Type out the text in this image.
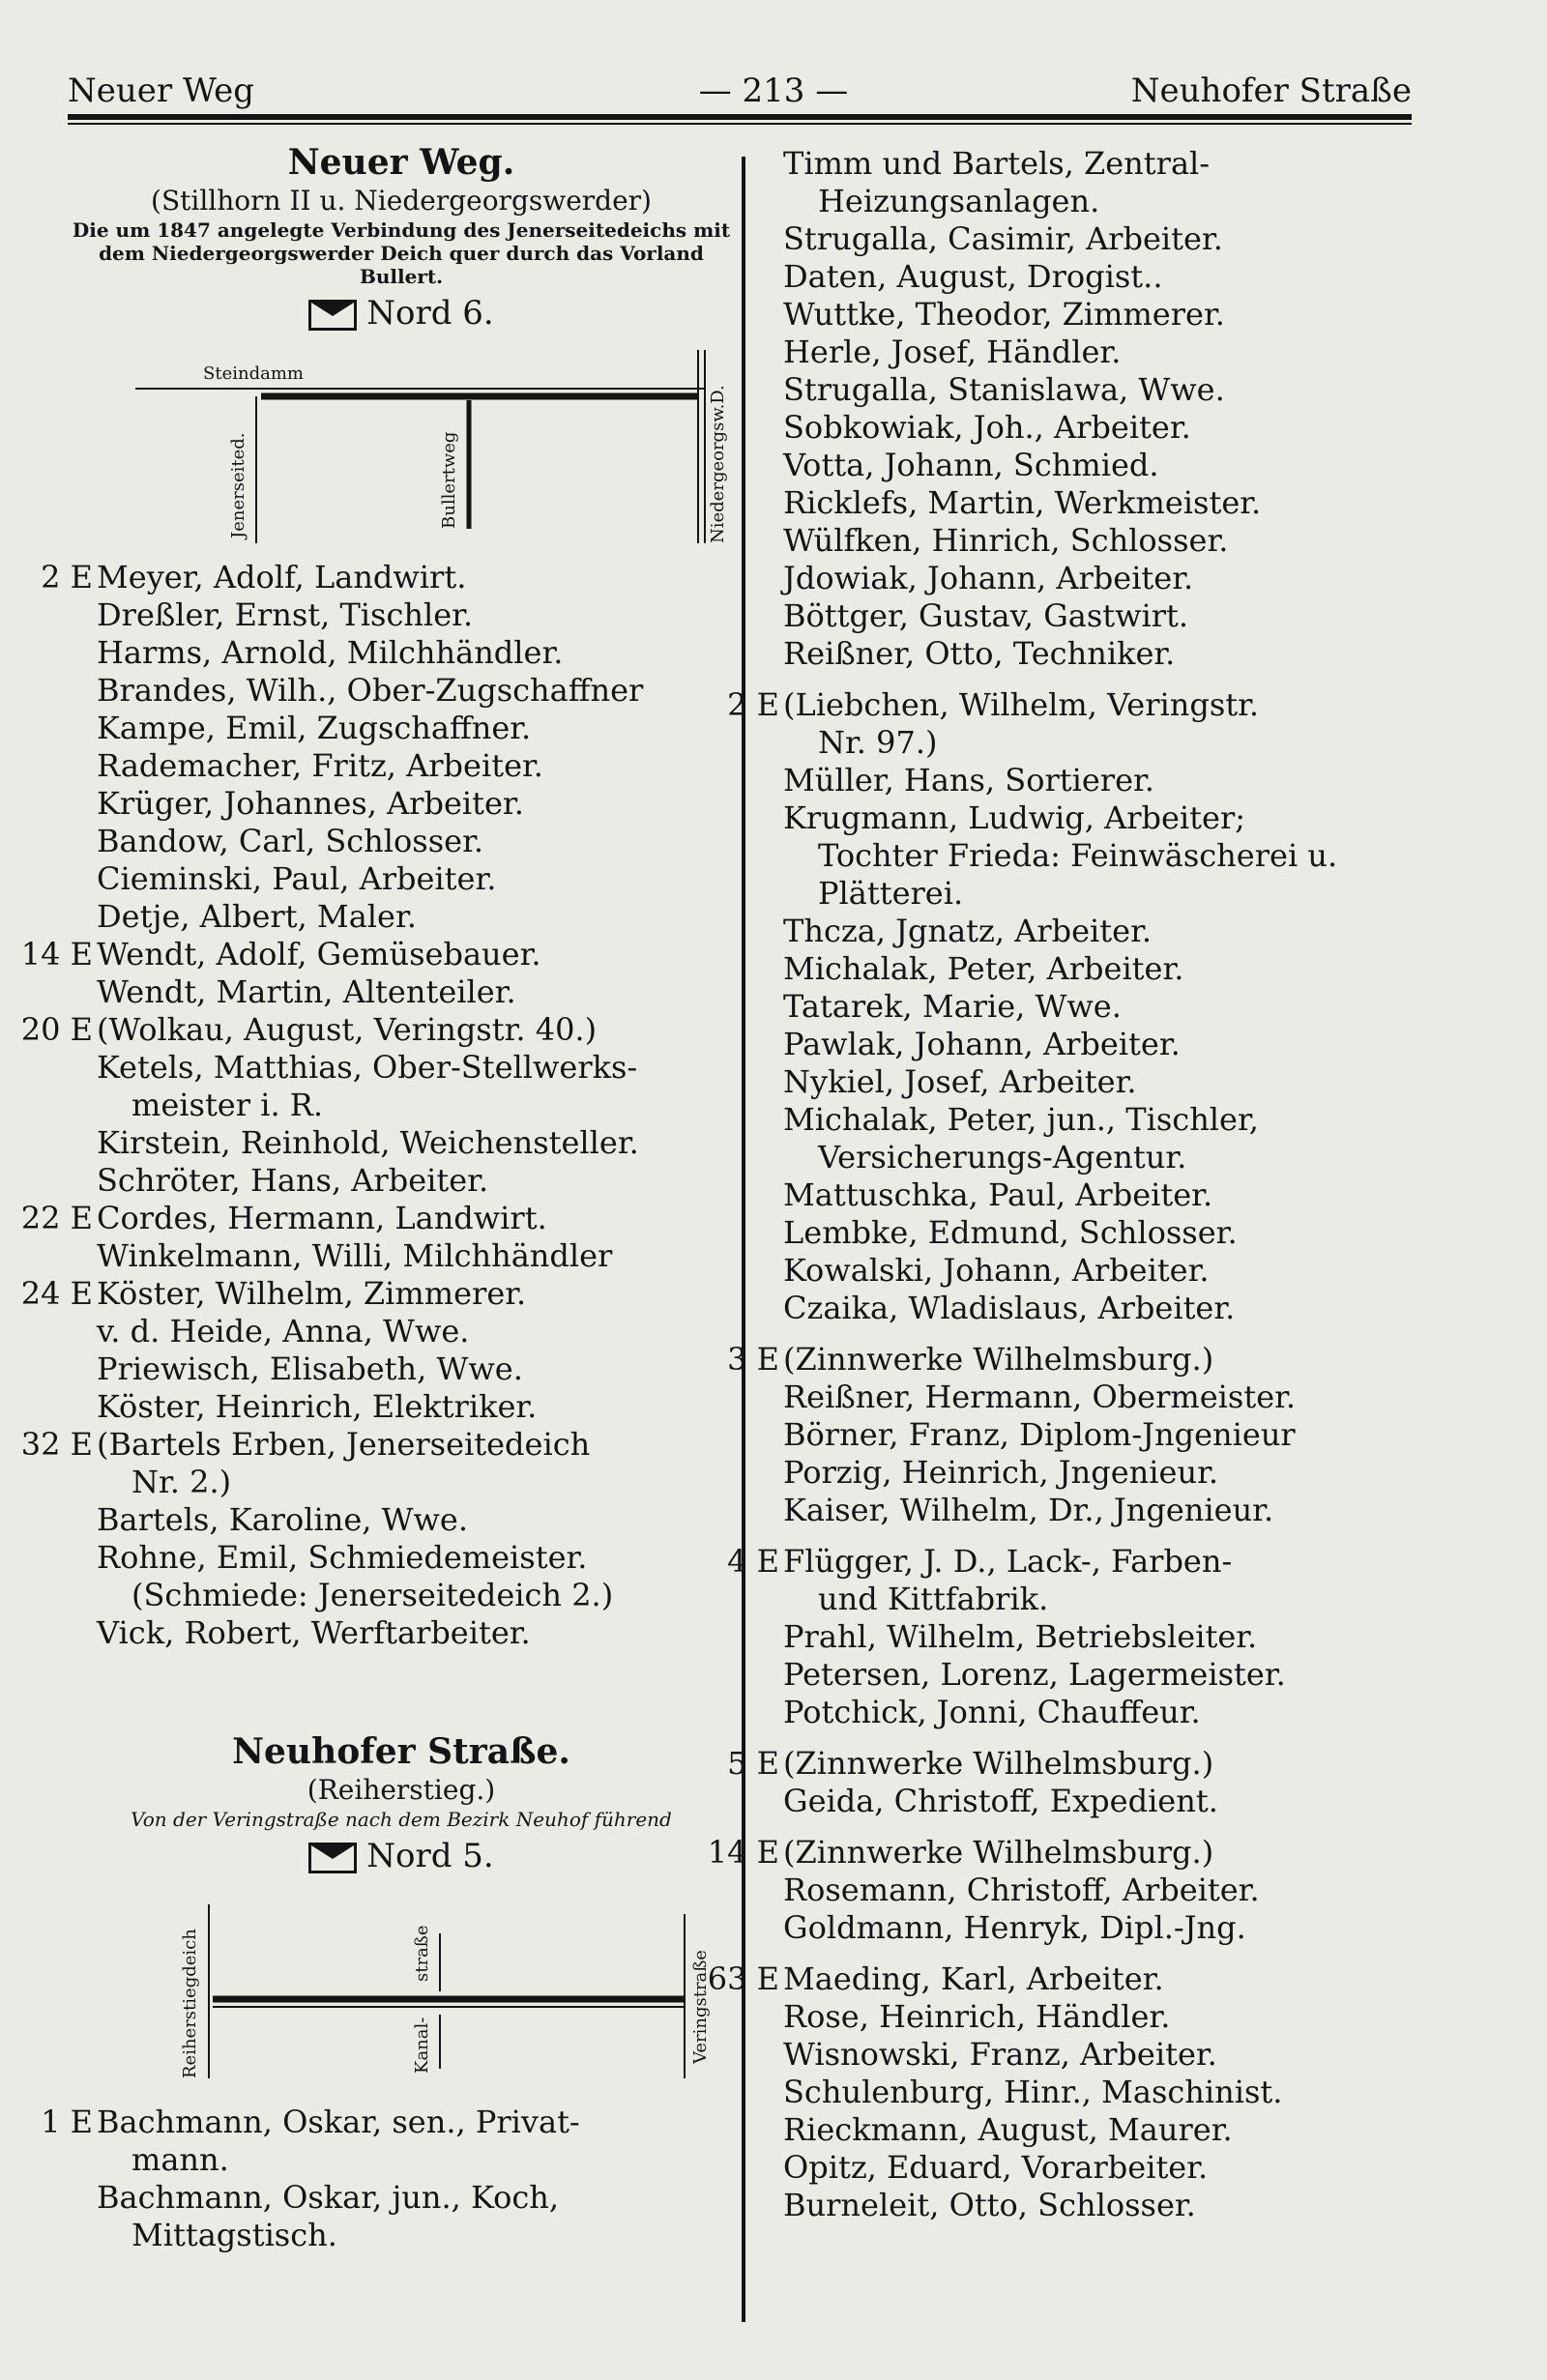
Neuer Weg	— 213 —	Neuhofer Straße
Neuer Weg.
(Stillhorn II u. Niedergeorgswerder)
Die um 1847 angelegte Verbindung des Jenerseitedeichs mit dem Niedergeorgswerder Deich quer durch das Vorland Bullert.
Nord 6.
Steindamm
Jenerseited.	Bullertweg	Niedergeorgsw.D.
2 E Meyer, Adolf, Landwirt.
Dreßler, Ernst, Tischler.
Harms, Arnold, Milchhändler.
Brandes, Wilh., Ober-Zugschaffner
Kampe, Emil, Zugschaffner.
Rademacher, Fritz, Arbeiter.
Krüger, Johannes, Arbeiter.
Bandow, Carl, Schlosser.
Cieminski, Paul, Arbeiter.
Detje, Albert, Maler.
14 E Wendt, Adolf, Gemüsebauer.
Wendt, Martin, Altenteiler.
20 E (Wolkau, August, Veringstr. 40.)
Ketels, Matthias, Ober-Stellwerks-
meister i. R.
Kirstein, Reinhold, Weichensteller.
Schröter, Hans, Arbeiter.
22 E Cordes, Hermann, Landwirt.
Winkelmann, Willi, Milchhändler
24 E Köster, Wilhelm, Zimmerer.
v. d. Heide, Anna, Wwe.
Priewisch, Elisabeth, Wwe.
Köster, Heinrich, Elektriker.
32 E (Bartels Erben, Jenerseitedeich
Nr. 2.)
Bartels, Karoline, Wwe.
Rohne, Emil, Schmiedemeister.
(Schmiede: Jenerseitedeich 2.)
Vick, Robert, Werftarbeiter.
Neuhofer Straße.
(Reiherstieg.)
Von der Veringstraße nach dem Bezirk Neuhof führend
Nord 5.
Reiherstiegdeich	straße
Kanal-	Veringstraße
1 E Bachmann, Oskar, sen., Privat-
mann.
Bachmann, Oskar, jun., Koch,
Mittagstisch.
Timm und Bartels, Zentral-
Heizungsanlagen.
Strugalla, Casimir, Arbeiter.
Daten, August, Drogist..
Wuttke, Theodor, Zimmerer.
Herle, Josef, Händler.
Strugalla, Stanislawa, Wwe.
Sobkowiak, Joh., Arbeiter.
Votta, Johann, Schmied.
Ricklefs, Martin, Werkmeister.
Wülfken, Hinrich, Schlosser.
Jdowiak, Johann, Arbeiter.
Böttger, Gustav, Gastwirt.
Reißner, Otto, Techniker.
2 E (Liebchen, Wilhelm, Veringstr.
Nr. 97.)
Müller, Hans, Sortierer.
Krugmann, Ludwig, Arbeiter;
Tochter Frieda: Feinwäscherei u.
Plätterei.
Thcza, Jgnatz, Arbeiter.
Michalak, Peter, Arbeiter.
Tatarek, Marie, Wwe.
Pawlak, Johann, Arbeiter.
Nykiel, Josef, Arbeiter.
Michalak, Peter, jun., Tischler,
Versicherungs-Agentur.
Mattuschka, Paul, Arbeiter.
Lembke, Edmund, Schlosser.
Kowalski, Johann, Arbeiter.
Czaika, Wladislaus, Arbeiter.
3 E (Zinnwerke Wilhelmsburg.)
Reißner, Hermann, Obermeister.
Börner, Franz, Diplom-Jngenieur
Porzig, Heinrich, Jngenieur.
Kaiser, Wilhelm, Dr., Jngenieur.
4 E Flügger, J. D., Lack-, Farben-
und Kittfabrik.
Prahl, Wilhelm, Betriebsleiter.
Petersen, Lorenz, Lagermeister.
Potchick, Jonni, Chauffeur.
5 E (Zinnwerke Wilhelmsburg.)
Geida, Christoff, Expedient.
14 E (Zinnwerke Wilhelmsburg.)
Rosemann, Christoff, Arbeiter.
Goldmann, Henryk, Dipl.-Jng.
63 E Maeding, Karl, Arbeiter.
Rose, Heinrich, Händler.
Wisnowski, Franz, Arbeiter.
Schulenburg, Hinr., Maschinist.
Rieckmann, August, Maurer.
Opitz, Eduard, Vorarbeiter.
Burneleit, Otto, Schlosser.
